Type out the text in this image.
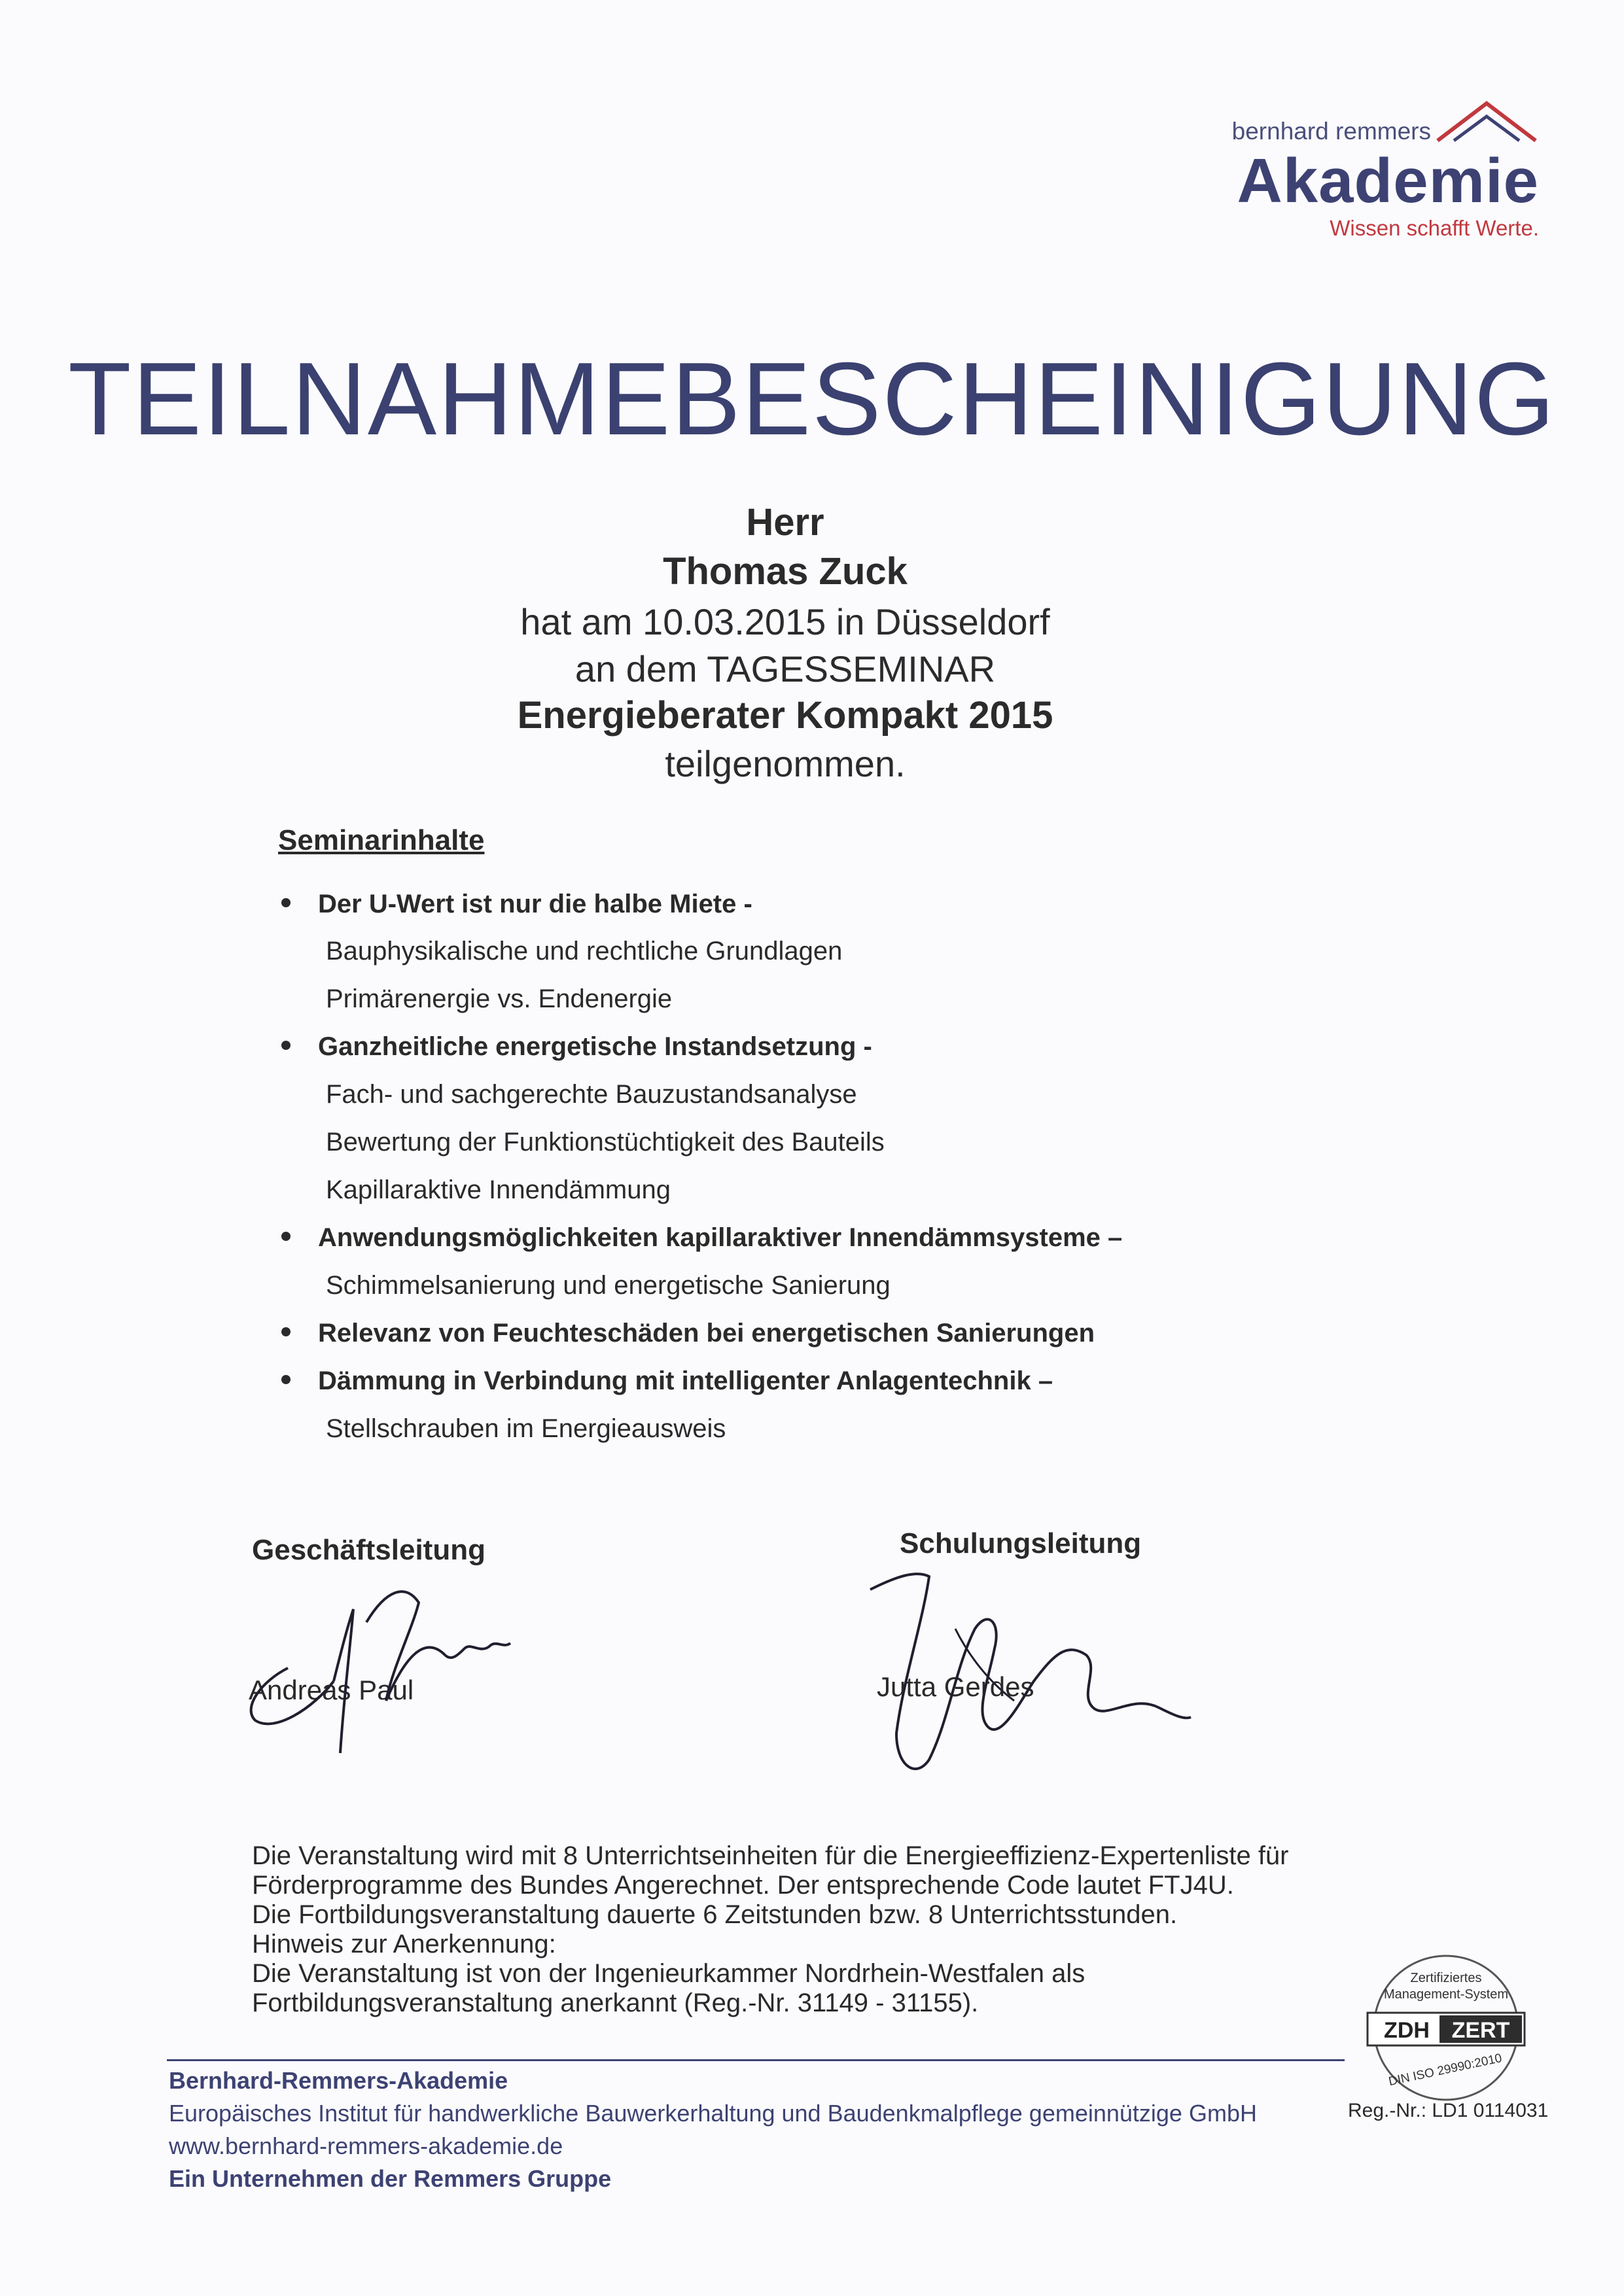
bernhard remmers
Akademie
Wissen schafft Werte.
TEILNAHMEBESCHEINIGUNG
Herr
Thomas Zuck
hat am 10.03.2015 in Düsseldorf
an dem TAGESSEMINAR
Energieberater Kompakt 2015
teilgenommen.
Seminarinhalte
Der U-Wert ist nur die halbe Miete -
Bauphysikalische und rechtliche Grundlagen
Primärenergie vs. Endenergie
Ganzheitliche energetische Instandsetzung -
Fach- und sachgerechte Bauzustandsanalyse
Bewertung der Funktionstüchtigkeit des Bauteils
Kapillaraktive Innendämmung
Anwendungsmöglichkeiten kapillaraktiver Innendämmsysteme –
Schimmelsanierung und energetische Sanierung
Relevanz von Feuchteschäden bei energetischen Sanierungen
Dämmung in Verbindung mit intelligenter Anlagentechnik –
Stellschrauben im Energieausweis
Geschäftsleitung	Schulungsleitung
Andreas Paul	Jutta Gerdes
Die Veranstaltung wird mit 8 Unterrichtseinheiten für die Energieeffizienz-Expertenliste für
Förderprogramme des Bundes Angerechnet. Der entsprechende Code lautet FTJ4U.
Die Fortbildungsveranstaltung dauerte 6 Zeitstunden bzw. 8 Unterrichtsstunden.
Hinweis zur Anerkennung:
Die Veranstaltung ist von der Ingenieurkammer Nordrhein-Westfalen als
Fortbildungsveranstaltung anerkannt (Reg.-Nr. 31149 - 31155).
Zertifiziertes
Management-System
ZDH ZERT
DIN ISO 29990:2010
Reg.-Nr.: LD1 0114031
Bernhard-Remmers-Akademie
Europäisches Institut für handwerkliche Bauwerkerhaltung und Baudenkmalpflege gemeinnützige GmbH
www.bernhard-remmers-akademie.de
Ein Unternehmen der Remmers Gruppe
